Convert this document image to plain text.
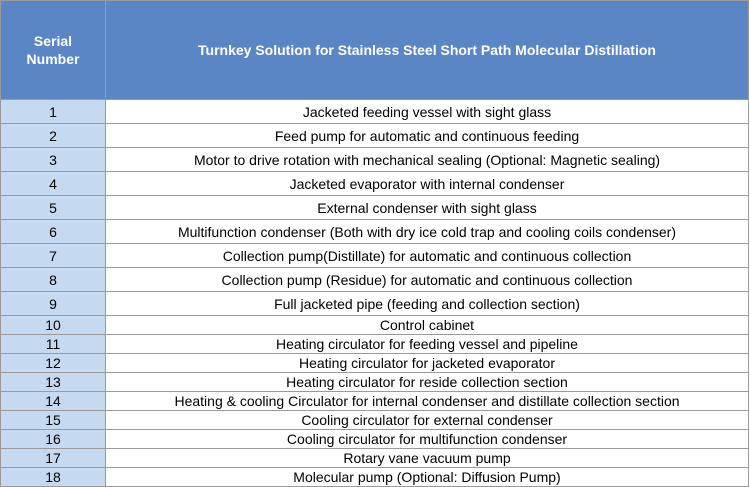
Serial
Number	Turnkey Solution for Stainless Steel Short Path Molecular Distillation
1	Jacketed feeding vessel with sight glass
2	Feed pump for automatic and continuous feeding
3	Motor to drive rotation with mechanical sealing (Optional: Magnetic sealing)
4	Jacketed evaporator with internal condenser
5	External condenser with sight glass
6	Multifunction condenser (Both with dry ice cold trap and cooling coils condenser)
7	Collection pump(Distillate) for automatic and continuous collection
8	Collection pump (Residue) for automatic and continuous collection
9	Full jacketed pipe (feeding and collection section)
10	Control cabinet
11	Heating circulator for feeding vessel and pipeline
12	Heating circulator for jacketed evaporator
13	Heating circulator for reside collection section
14	Heating & cooling Circulator for internal condenser and distillate collection section
15	Cooling circulator for external condenser
16	Cooling circulator for multifunction condenser
17	Rotary vane vacuum pump
18	Molecular pump (Optional: Diffusion Pump)
